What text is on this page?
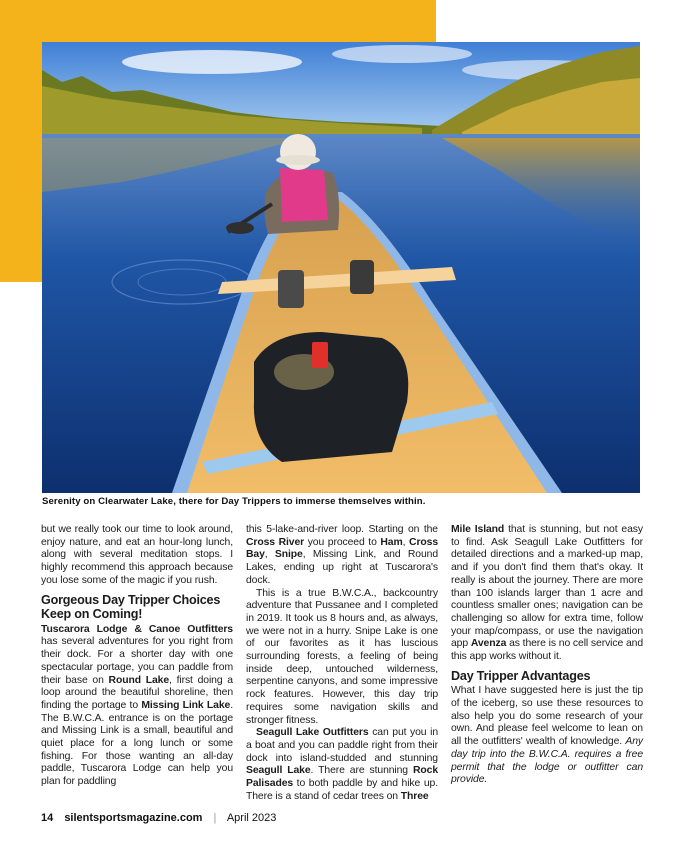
Serenity on Clearwater Lake, there for Day Trippers to immerse themselves within.

but we really took our time to look around, enjoy nature, and eat an hour-long lunch, along with several meditation stops. I highly recommend this approach because you lose some of the magic if you rush.

Gorgeous Day Tripper Choices Keep on Coming!

Tuscarora Lodge & Canoe Outfitters has several adventures for you right from their dock. For a shorter day with one spectacular portage, you can paddle from their base on Round Lake, first doing a loop around the beautiful shoreline, then finding the portage to Missing Link Lake. The B.W.C.A. entrance is on the portage and Missing Link is a small, beautiful and quiet place for a long lunch or some fishing. For those wanting an all-day paddle, Tuscarora Lodge can help you plan for paddling

this 5-lake-and-river loop. Starting on the Cross River you proceed to Ham, Cross Bay, Snipe, Missing Link, and Round Lakes, ending up right at Tuscarora's dock.

This is a true B.W.C.A., backcountry adventure that Pussanee and I completed in 2019. It took us 8 hours and, as always, we were not in a hurry. Snipe Lake is one of our favorites as it has luscious surrounding forests, a feeling of being inside deep, untouched wilderness, serpentine canyons, and some impressive rock features. However, this day trip requires some navigation skills and stronger fitness.

Seagull Lake Outfitters can put you in a boat and you can paddle right from their dock into island-studded and stunning Seagull Lake. There are stunning Rock Palisades to both paddle by and hike up. There is a stand of cedar trees on Three

Mile Island that is stunning, but not easy to find. Ask Seagull Lake Outfitters for detailed directions and a marked-up map, and if you don't find them that's okay. It really is about the journey. There are more than 100 islands larger than 1 acre and countless smaller ones; navigation can be challenging so allow for extra time, follow your map/compass, or use the navigation app Avenza as there is no cell service and this app works without it.

Day Tripper Advantages

What I have suggested here is just the tip of the iceberg, so use these resources to also help you do some research of your own. And please feel welcome to lean on all the outfitters' wealth of knowledge. Any day trip into the B.W.C.A. requires a free permit that the lodge or outfitter can provide.

14 silentsportsmagazine.com | April 2023
